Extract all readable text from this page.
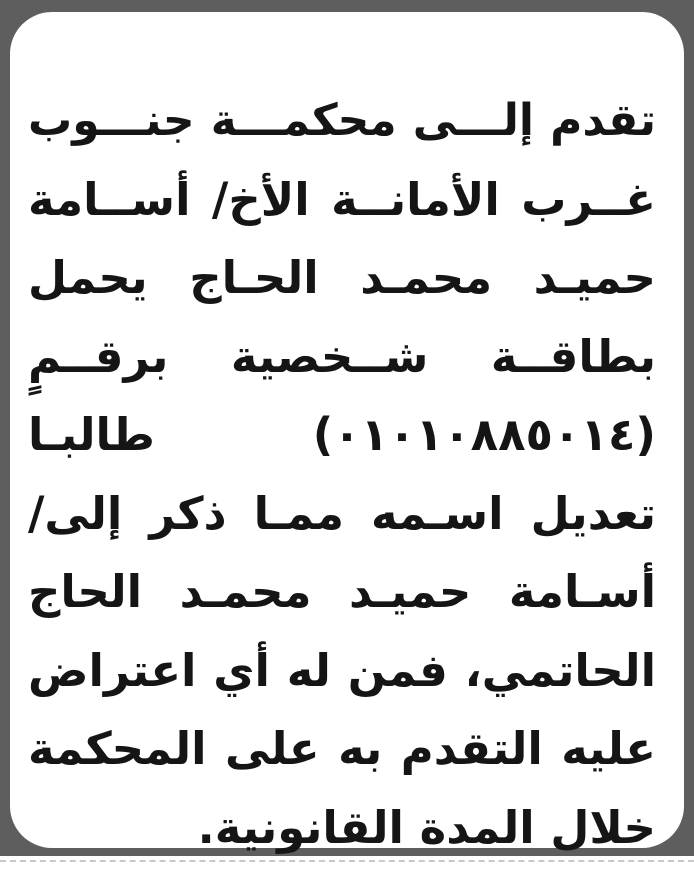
تقدم إلـــى محكمـــة جنـــوب
غــرب الأمانــة الأخ/ أســامة
حميـد محمـد الحـاج يحمل
بطاقــة شــخصية برقــمٍ
(٠١٠١٠٨٨٥٠١٤) طالبـا
تعديل اسـمه ممـا ذكر إلى/
أسـامة حميـد محمـد الحاج
الحاتمي، فمن له أي اعتراض
عليه التقدم به على المحكمة
خلال المدة القانونية.
